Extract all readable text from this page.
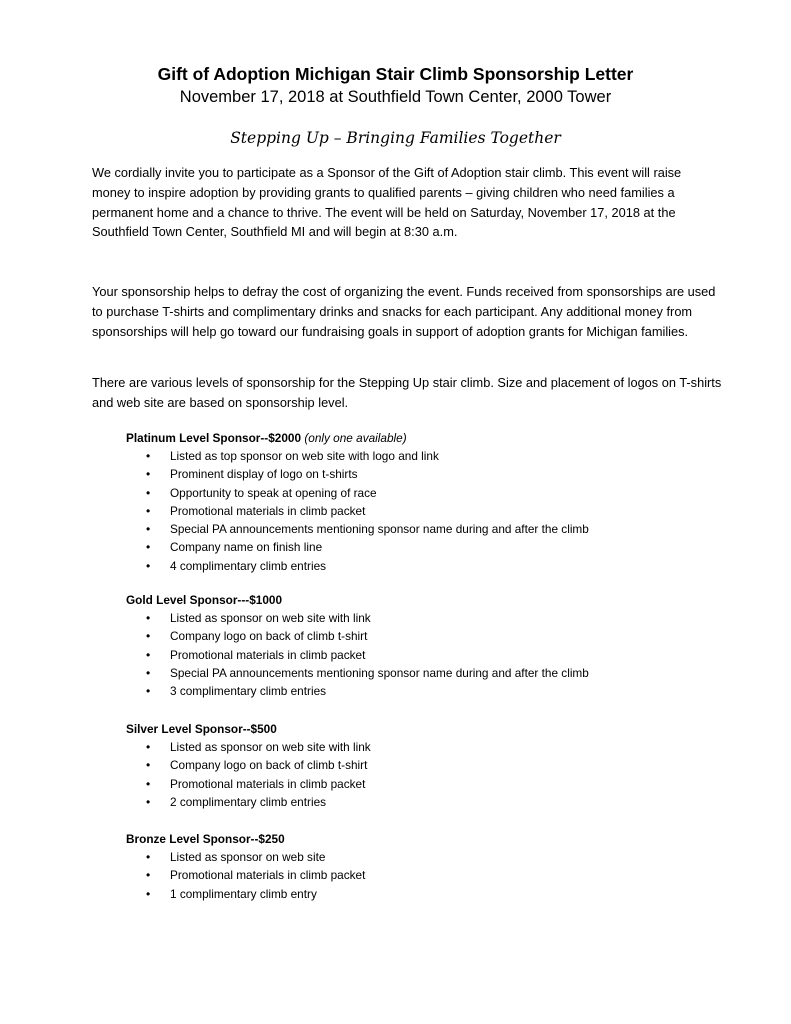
Gift of Adoption Michigan Stair Climb Sponsorship Letter
November 17, 2018 at Southfield Town Center, 2000 Tower
Stepping Up – Bringing Families Together

We cordially invite you to participate as a Sponsor of the Gift of Adoption stair climb. This event will raise money to inspire adoption by providing grants to qualified parents – giving children who need families a permanent home and a chance to thrive. The event will be held on Saturday, November 17, 2018 at the Southfield Town Center, Southfield MI and will begin at 8:30 a.m.

Your sponsorship helps to defray the cost of organizing the event. Funds received from sponsorships are used to purchase T-shirts and complimentary drinks and snacks for each participant. Any additional money from sponsorships will help go toward our fundraising goals in support of adoption grants for Michigan families.

There are various levels of sponsorship for the Stepping Up stair climb. Size and placement of logos on T-shirts and web site are based on sponsorship level.

Platinum Level Sponsor--$2000 (only one available)

• Listed as top sponsor on web site with logo and link
• Prominent display of logo on t-shirts
• Opportunity to speak at opening of race
• Promotional materials in climb packet
• Special PA announcements mentioning sponsor name during and after the climb
• Company name on finish line
• 4 complimentary climb entries

Gold Level Sponsor---$1000

• Listed as sponsor on web site with link
• Company logo on back of climb t-shirt
• Promotional materials in climb packet
• Special PA announcements mentioning sponsor name during and after the climb
• 3 complimentary climb entries

Silver Level Sponsor--$500

• Listed as sponsor on web site with link
• Company logo on back of climb t-shirt
• Promotional materials in climb packet
• 2 complimentary climb entries

Bronze Level Sponsor--$250

• Listed as sponsor on web site
• Promotional materials in climb packet
• 1 complimentary climb entry
